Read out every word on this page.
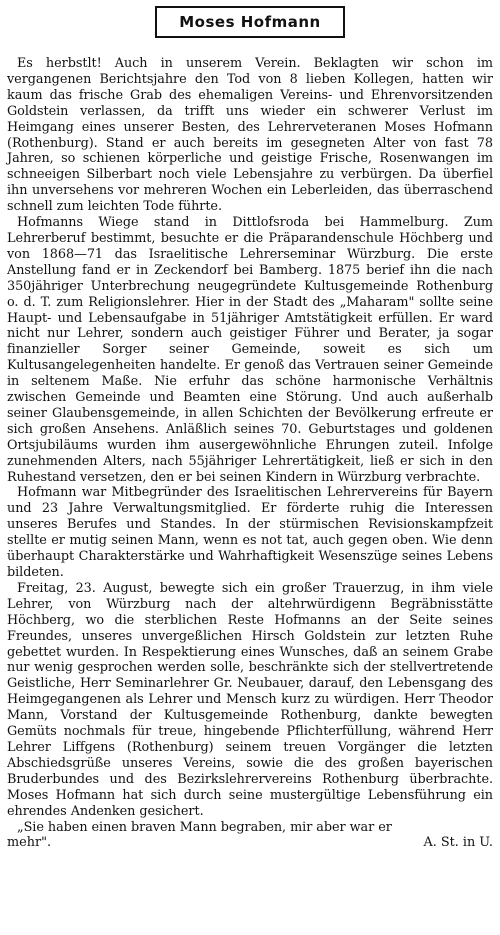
Moses Hofmann

Es herbstlt! Auch in unserem Verein. Beklagten wir schon im vergangenen Berichtsjahre den Tod von 8 lieben Kollegen, hatten wir kaum das frische Grab des ehemaligen Vereins- und Ehrenvorsitzenden Goldstein verlassen, da trifft uns wieder ein schwerer Verlust im Heimgang eines unserer Besten, des Lehrerveteranen Moses Hofmann (Rothenburg). Stand er auch bereits im gesegneten Alter von fast 78 Jahren, so schienen körperliche und geistige Frische, Rosenwangen im schneeigen Silberbart noch viele Lebensjahre zu verbürgen. Da überfiel ihn unversehens vor mehreren Wochen ein Leberleiden, das überraschend schnell zum leichten Tode führte.

Hofmanns Wiege stand in Dittlofsroda bei Hammelburg. Zum Lehrerberuf bestimmt, besuchte er die Präparandenschule Höchberg und von 1868—71 das Israelitische Lehrerseminar Würzburg. Die erste Anstellung fand er in Zeckendorf bei Bamberg. 1875 berief ihn die nach 350jähriger Unterbrechung neugegründete Kultusgemeinde Rothenburg o. d. T. zum Religionslehrer. Hier in der Stadt des „Maharam" sollte seine Haupt- und Lebensaufgabe in 51jähriger Amtstätigkeit erfüllen. Er ward nicht nur Lehrer, sondern auch geistiger Führer und Berater, ja sogar finanzieller Sorger seiner Gemeinde, soweit es sich um Kultusangelegenheiten handelte. Er genoß das Vertrauen seiner Gemeinde in seltenem Maße. Nie erfuhr das schöne harmonische Verhältnis zwischen Gemeinde und Beamten eine Störung. Und auch außerhalb seiner Glaubensgemeinde, in allen Schichten der Bevölkerung erfreute er sich großen Ansehens. Anläßlich seines 70. Geburtstages und goldenen Ortsjubiläums wurden ihm ausergewöhnliche Ehrungen zuteil. Infolge zunehmenden Alters, nach 55jähriger Lehrertätigkeit, ließ er sich in den Ruhestand versetzen, den er bei seinen Kindern in Würzburg verbrachte.

Hofmann war Mitbegründer des Israelitischen Lehrervereins für Bayern und 23 Jahre Verwaltungsmitglied. Er förderte ruhig die Interessen unseres Berufes und Standes. In der stürmischen Revisionskampfzeit stellte er mutig seinen Mann, wenn es not tat, auch gegen oben. Wie denn überhaupt Charakterstärke und Wahrhaftigkeit Wesenszüge seines Lebens bildeten.

Freitag, 23. August, bewegte sich ein großer Trauerzug, in ihm viele Lehrer, von Würzburg nach der altehrwürdigenn Begräbnisstätte Höchberg, wo die sterblichen Reste Hofmanns an der Seite seines Freundes, unseres unvergeßlichen Hirsch Goldstein zur letzten Ruhe gebettet wurden. In Respektierung eines Wunsches, daß an seinem Grabe nur wenig gesprochen werden solle, beschränkte sich der stellvertretende Geistliche, Herr Seminarlehrer Gr. Neubauer, darauf, den Lebensgang des Heimgegangenen als Lehrer und Mensch kurz zu würdigen. Herr Theodor Mann, Vorstand der Kultusgemeinde Rothenburg, dankte bewegten Gemüts nochmals für treue, hingebende Pflichterfüllung, während Herr Lehrer Liffgens (Rothenburg) seinem treuen Vorgänger die letzten Abschiedsgrüße unseres Vereins, sowie die des großen bayerischen Bruderbundes und des Bezirkslehrervereins Rothenburg überbrachte. Moses Hofmann hat sich durch seine mustergültige Lebensführung ein ehrendes Andenken gesichert.

„Sie haben einen braven Mann begraben, mir aber war er

mehr".	A. St. in U.
